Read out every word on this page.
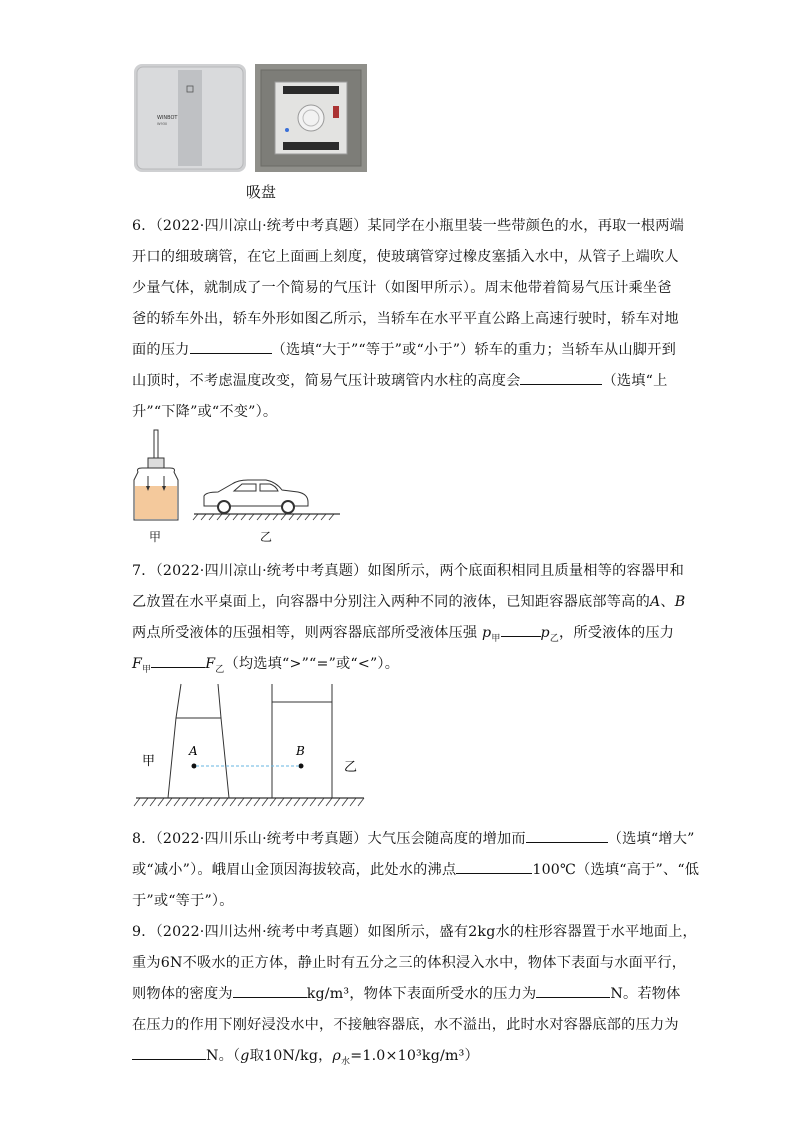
WINBOT
W930
吸盘
6．（2022·四川凉山·统考中考真题）某同学在小瓶里装一些带颜色的水，再取一根两端
开口的细玻璃管，在它上面画上刻度，使玻璃管穿过橡皮塞插入水中，从管子上端吹人
少量气体，就制成了一个简易的气压计（如图甲所示）。周末他带着简易气压计乘坐爸
爸的轿车外出，轿车外形如图乙所示，当轿车在水平平直公路上高速行驶时，轿车对地
面的压力	（选填“大于”“等于”或“小于”）轿车的重力；当轿车从山脚开到
山顶时，不考虑温度改变，简易气压计玻璃管内水柱的高度会	（选填“上
升”“下降”或“不变”）。
甲	乙
7．（2022·四川凉山·统考中考真题）如图所示，两个底面积相同且质量相等的容器甲和
乙放置在水平桌面上，向容器中分别注入两种不同的液体，已知距容器底部等高的A、B
两点所受液体的压强相等，则两容器底部所受液体压强 $p_甲$	$p_乙$，所受液体的压力
$F_甲$	$F_乙$（均选填“>”“=”或“<”）。
A	B
甲	乙
8．（2022·四川乐山·统考中考真题）大气压会随高度的增加而	（选填“增大”
或“减小”）。峨眉山金顶因海拔较高，此处水的沸点	100℃（选填“高于”、“低
于”或“等于”）。
9．（2022·四川达州·统考中考真题）如图所示，盛有2kg水的柱形容器置于水平地面上，
重为6N不吸水的正方体，静止时有五分之三的体积浸入水中，物体下表面与水面平行，
则物体的密度为	kg/m³，物体下表面所受水的压力为	N。若物体
在压力的作用下刚好浸没水中，不接触容器底，水不溢出，此时水对容器底部的压力为
N。（g取10N/kg，$\rho_水=1.0\times 10^3kg/m^3$）
